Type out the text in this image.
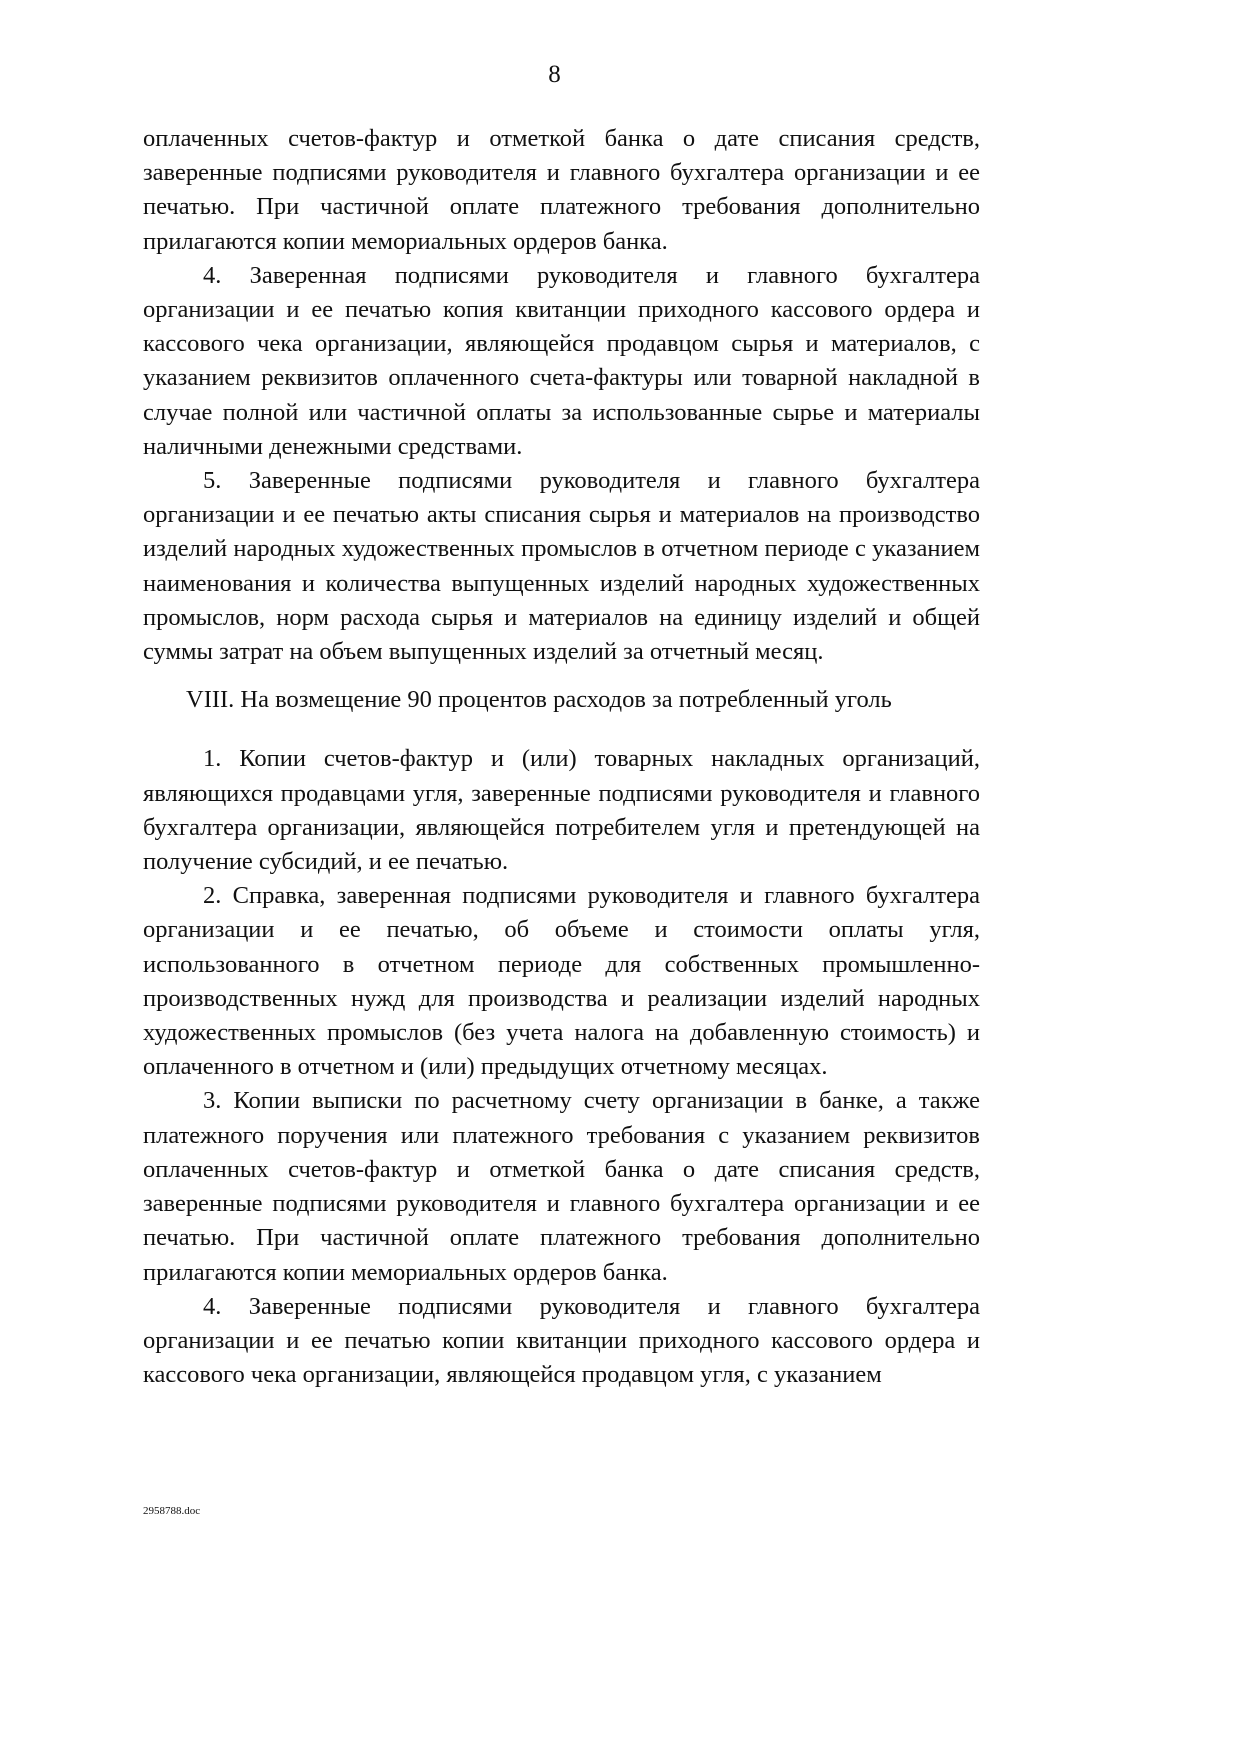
8

оплаченных счетов-фактур и отметкой банка о дате списания средств, заверенные подписями руководителя и главного бухгалтера организации и ее печатью. При частичной оплате платежного требования дополнительно прилагаются копии мемориальных ордеров банка.

4. Заверенная подписями руководителя и главного бухгалтера организации и ее печатью копия квитанции приходного кассового ордера и кассового чека организации, являющейся продавцом сырья и материалов, с указанием реквизитов оплаченного счета-фактуры или товарной накладной в случае полной или частичной оплаты за использованные сырье и материалы наличными денежными средствами.

5. Заверенные подписями руководителя и главного бухгалтера организации и ее печатью акты списания сырья и материалов на производство изделий народных художественных промыслов в отчетном периоде с указанием наименования и количества выпущенных изделий народных художественных промыслов, норм расхода сырья и материалов на единицу изделий и общей суммы затрат на объем выпущенных изделий за отчетный месяц.

VIII. На возмещение 90 процентов расходов за потребленный уголь

1. Копии счетов-фактур и (или) товарных накладных организаций, являющихся продавцами угля, заверенные подписями руководителя и главного бухгалтера организации, являющейся потребителем угля и претендующей на получение субсидий, и ее печатью.

2. Справка, заверенная подписями руководителя и главного бухгалтера организации и ее печатью, об объеме и стоимости оплаты угля, использованного в отчетном периоде для собственных промышленно-производственных нужд для производства и реализации изделий народных художественных промыслов (без учета налога на добавленную стоимость) и оплаченного в отчетном и (или) предыдущих отчетному месяцах.

3. Копии выписки по расчетному счету организации в банке, а также платежного поручения или платежного требования с указанием реквизитов оплаченных счетов-фактур и отметкой банка о дате списания средств, заверенные подписями руководителя и главного бухгалтера организации и ее печатью. При частичной оплате платежного требования дополнительно прилагаются копии мемориальных ордеров банка.

4. Заверенные подписями руководителя и главного бухгалтера организации и ее печатью копии квитанции приходного кассового ордера и кассового чека организации, являющейся продавцом угля, с указанием

2958788.doc
